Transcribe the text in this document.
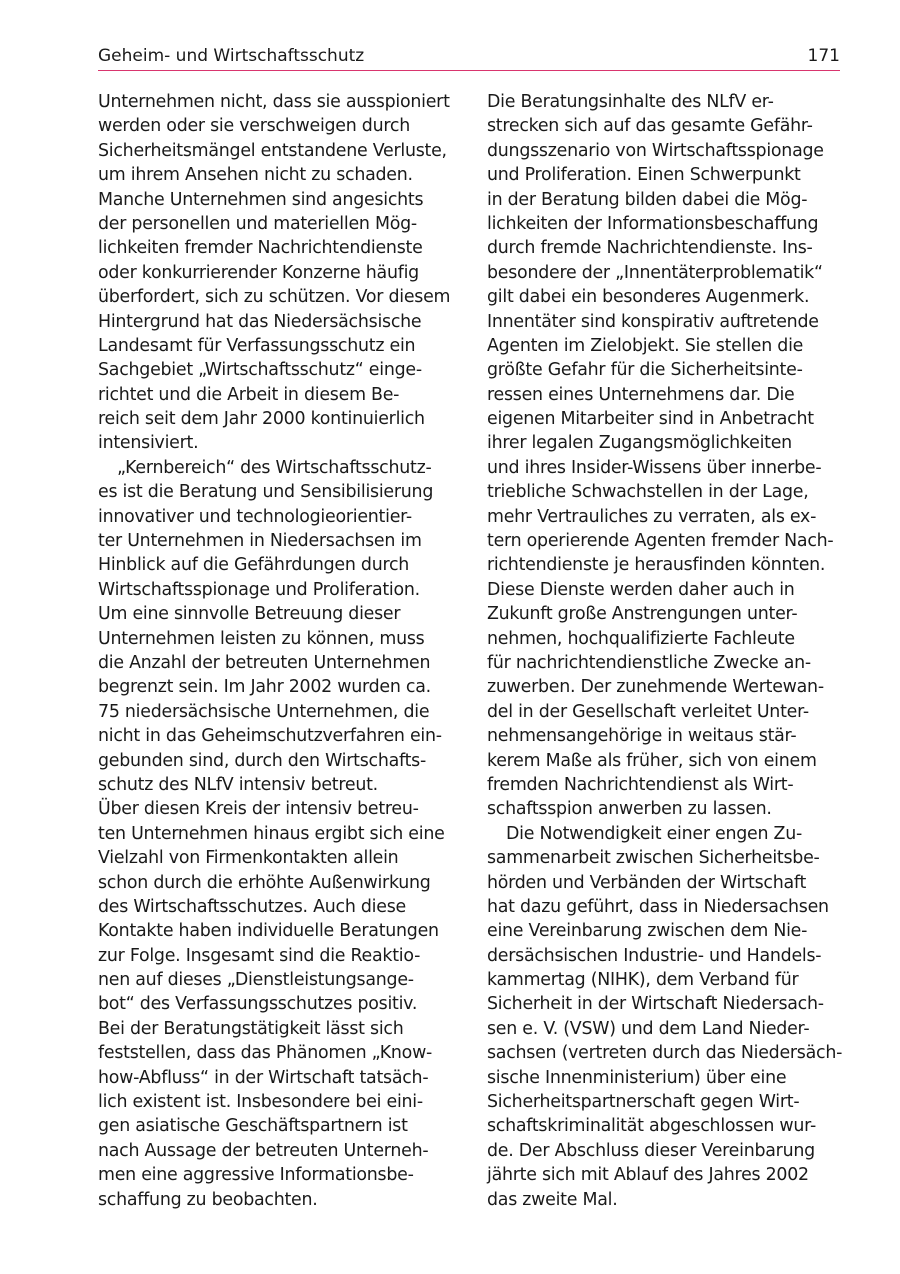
Geheim- und Wirtschaftsschutz	171
Unternehmen nicht, dass sie ausspioniert
werden oder sie verschweigen durch
Sicherheitsmängel entstandene Verluste,
um ihrem Ansehen nicht zu schaden.
Manche Unternehmen sind angesichts
der personellen und materiellen Mög-
lichkeiten fremder Nachrichtendienste
oder konkurrierender Konzerne häufig
überfordert, sich zu schützen. Vor diesem
Hintergrund hat das Niedersächsische
Landesamt für Verfassungsschutz ein
Sachgebiet „Wirtschaftsschutz“ einge-
richtet und die Arbeit in diesem Be-
reich seit dem Jahr 2000 kontinuierlich
intensiviert.
„Kernbereich“ des Wirtschaftsschutz-
es ist die Beratung und Sensibilisierung
innovativer und technologieorientier-
ter Unternehmen in Niedersachsen im
Hinblick auf die Gefährdungen durch
Wirtschaftsspionage und Proliferation.
Um eine sinnvolle Betreuung dieser
Unternehmen leisten zu können, muss
die Anzahl der betreuten Unternehmen
begrenzt sein. Im Jahr 2002 wurden ca.
75 niedersächsische Unternehmen, die
nicht in das Geheimschutzverfahren ein-
gebunden sind, durch den Wirtschafts-
schutz des NLfV intensiv betreut.
Über diesen Kreis der intensiv betreu-
ten Unternehmen hinaus ergibt sich eine
Vielzahl von Firmenkontakten allein
schon durch die erhöhte Außenwirkung
des Wirtschaftsschutzes. Auch diese
Kontakte haben individuelle Beratungen
zur Folge. Insgesamt sind die Reaktio-
nen auf dieses „Dienstleistungsange-
bot“ des Verfassungsschutzes positiv.
Bei der Beratungstätigkeit lässt sich
feststellen, dass das Phänomen „Know-
how-Abfluss“ in der Wirtschaft tatsäch-
lich existent ist. Insbesondere bei eini-
gen asiatische Geschäftspartnern ist
nach Aussage der betreuten Unterneh-
men eine aggressive Informationsbe-
schaffung zu beobachten.
Die Beratungsinhalte des NLfV er-
strecken sich auf das gesamte Gefähr-
dungsszenario von Wirtschaftsspionage
und Proliferation. Einen Schwerpunkt
in der Beratung bilden dabei die Mög-
lichkeiten der Informationsbeschaffung
durch fremde Nachrichtendienste. Ins-
besondere der „Innentäterproblematik“
gilt dabei ein besonderes Augenmerk.
Innentäter sind konspirativ auftretende
Agenten im Zielobjekt. Sie stellen die
größte Gefahr für die Sicherheitsinte-
ressen eines Unternehmens dar. Die
eigenen Mitarbeiter sind in Anbetracht
ihrer legalen Zugangsmöglichkeiten
und ihres Insider-Wissens über innerbe-
triebliche Schwachstellen in der Lage,
mehr Vertrauliches zu verraten, als ex-
tern operierende Agenten fremder Nach-
richtendienste je herausfinden könnten.
Diese Dienste werden daher auch in
Zukunft große Anstrengungen unter-
nehmen, hochqualifizierte Fachleute
für nachrichtendienstliche Zwecke an-
zuwerben. Der zunehmende Wertewan-
del in der Gesellschaft verleitet Unter-
nehmensangehörige in weitaus stär-
kerem Maße als früher, sich von einem
fremden Nachrichtendienst als Wirt-
schaftsspion anwerben zu lassen.
Die Notwendigkeit einer engen Zu-
sammenarbeit zwischen Sicherheitsbe-
hörden und Verbänden der Wirtschaft
hat dazu geführt, dass in Niedersachsen
eine Vereinbarung zwischen dem Nie-
dersächsischen Industrie- und Handels-
kammertag (NIHK), dem Verband für
Sicherheit in der Wirtschaft Niedersach-
sen e. V. (VSW) und dem Land Nieder-
sachsen (vertreten durch das Niedersäch-
sische Innenministerium) über eine
Sicherheitspartnerschaft gegen Wirt-
schaftskriminalität abgeschlossen wur-
de. Der Abschluss dieser Vereinbarung
jährte sich mit Ablauf des Jahres 2002
das zweite Mal.
